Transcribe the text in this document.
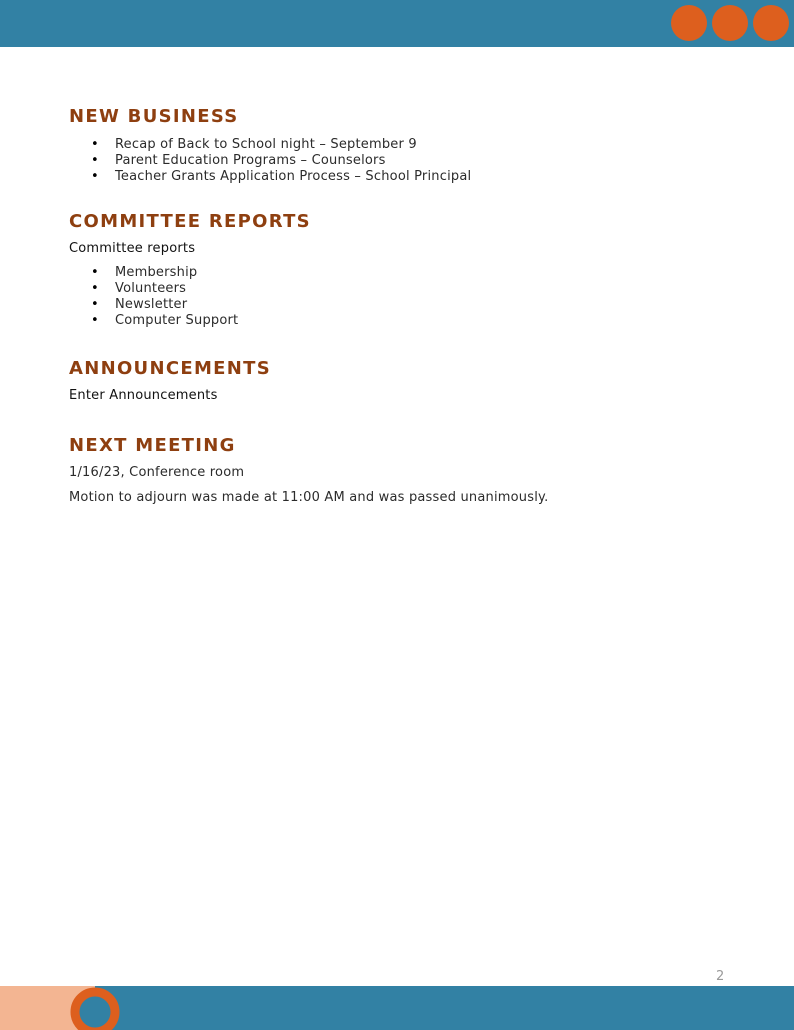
NEW BUSINESS
• Recap of Back to School night – September 9
• Parent Education Programs – Counselors
• Teacher Grants Application Process – School Principal
COMMITTEE REPORTS

Committee reports

• Membership
• Volunteers
• Newsletter
• Computer Support
ANNOUNCEMENTS

Enter Announcements

NEXT MEETING

1/16/23, Conference room

Motion to adjourn was made at 11:00 AM and was passed unanimously.

2
